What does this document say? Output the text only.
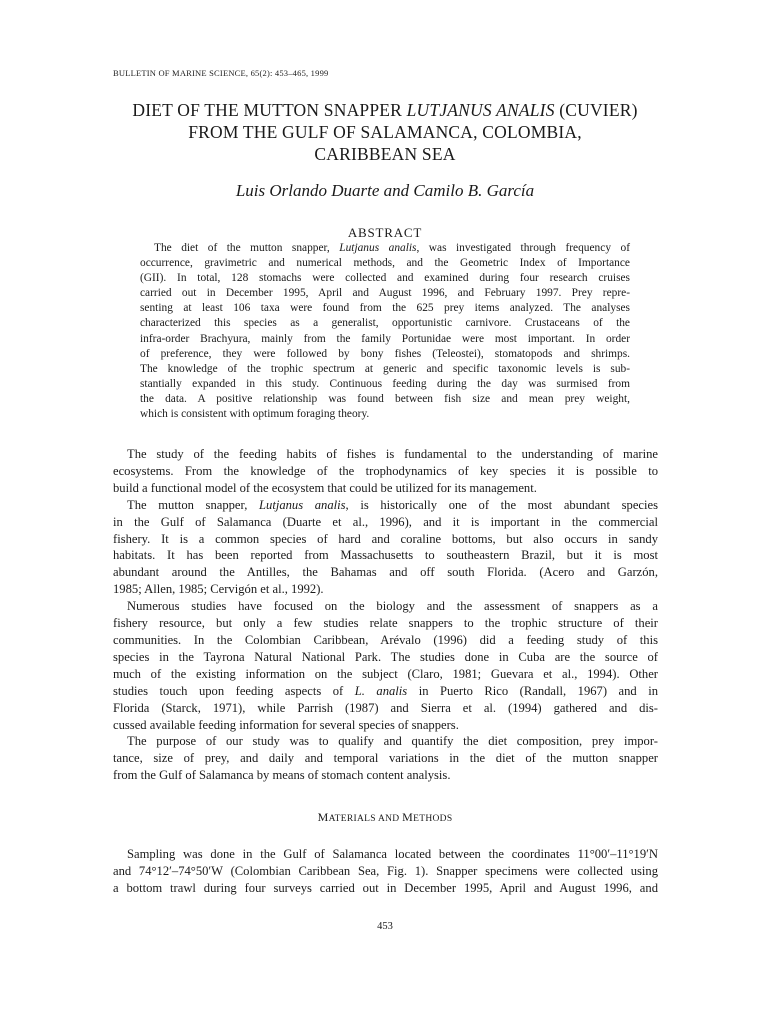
BULLETIN OF MARINE SCIENCE, 65(2): 453–465, 1999
DIET OF THE MUTTON SNAPPER LUTJANUS ANALIS (CUVIER)
FROM THE GULF OF SALAMANCA, COLOMBIA,
CARIBBEAN SEA
Luis Orlando Duarte and Camilo B. García
ABSTRACT
The diet of the mutton snapper, Lutjanus analis, was investigated through frequency of
occurrence, gravimetric and numerical methods, and the Geometric Index of Importance
(GII). In total, 128 stomachs were collected and examined during four research cruises
carried out in December 1995, April and August 1996, and February 1997. Prey repre-
senting at least 106 taxa were found from the 625 prey items analyzed. The analyses
characterized this species as a generalist, opportunistic carnivore. Crustaceans of the
infra-order Brachyura, mainly from the family Portunidae were most important. In order
of preference, they were followed by bony fishes (Teleostei), stomatopods and shrimps.
The knowledge of the trophic spectrum at generic and specific taxonomic levels is sub-
stantially expanded in this study. Continuous feeding during the day was surmised from
the data. A positive relationship was found between fish size and mean prey weight,
which is consistent with optimum foraging theory.
The study of the feeding habits of fishes is fundamental to the understanding of marine
ecosystems. From the knowledge of the trophodynamics of key species it is possible to
build a functional model of the ecosystem that could be utilized for its management.
The mutton snapper, Lutjanus analis, is historically one of the most abundant species
in the Gulf of Salamanca (Duarte et al., 1996), and it is important in the commercial
fishery. It is a common species of hard and coraline bottoms, but also occurs in sandy
habitats. It has been reported from Massachusetts to southeastern Brazil, but it is most
abundant around the Antilles, the Bahamas and off south Florida. (Acero and Garzón,
1985; Allen, 1985; Cervigón et al., 1992).
Numerous studies have focused on the biology and the assessment of snappers as a
fishery resource, but only a few studies relate snappers to the trophic structure of their
communities. In the Colombian Caribbean, Arévalo (1996) did a feeding study of this
species in the Tayrona Natural National Park. The studies done in Cuba are the source of
much of the existing information on the subject (Claro, 1981; Guevara et al., 1994). Other
studies touch upon feeding aspects of L. analis in Puerto Rico (Randall, 1967) and in
Florida (Starck, 1971), while Parrish (1987) and Sierra et al. (1994) gathered and dis-
cussed available feeding information for several species of snappers.
The purpose of our study was to qualify and quantify the diet composition, prey impor-
tance, size of prey, and daily and temporal variations in the diet of the mutton snapper
from the Gulf of Salamanca by means of stomach content analysis.
MATERIALS AND METHODS
Sampling was done in the Gulf of Salamanca located between the coordinates 11°00′–11°19′N
and 74°12′–74°50′W (Colombian Caribbean Sea, Fig. 1). Snapper specimens were collected using
a bottom trawl during four surveys carried out in December 1995, April and August 1996, and
453
